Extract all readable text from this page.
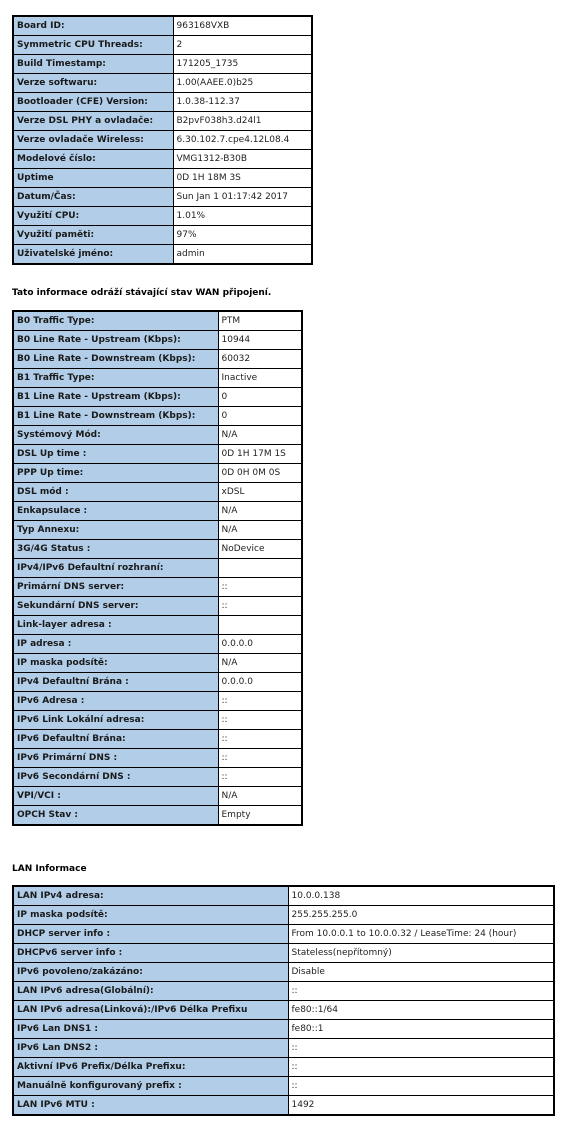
Board ID:	963168VXB
Symmetric CPU Threads:	2
Build Timestamp:	171205_1735
Verze softwaru:	1.00(AAEE.0)b25
Bootloader (CFE) Version:	1.0.38-112.37
Verze DSL PHY a ovladače:	B2pvF038h3.d24l1
Verze ovladače Wireless:	6.30.102.7.cpe4.12L08.4
Modelové číslo:	VMG1312-B30B
Uptime	0D 1H 18M 3S
Datum/Čas:	Sun Jan 1 01:17:42 2017
Využití CPU:	1.01%
Využití paměti:	97%
Uživatelské jméno:	admin
Tato informace odráží stávající stav WAN připojení.
B0 Traffic Type:	PTM
B0 Line Rate - Upstream (Kbps):	10944
B0 Line Rate - Downstream (Kbps):	60032
B1 Traffic Type:	Inactive
B1 Line Rate - Upstream (Kbps):	0
B1 Line Rate - Downstream (Kbps):	0
Systémový Mód:	N/A
DSL Up time :	0D 1H 17M 1S
PPP Up time:	0D 0H 0M 0S
DSL mód :	xDSL
Enkapsulace :	N/A
Typ Annexu:	N/A
3G/4G Status :	NoDevice
IPv4/IPv6 Defaultní rozhraní:	
Primární DNS server:	::
Sekundární DNS server:	::
Link-layer adresa :	
IP adresa :	0.0.0.0
IP maska podsítě:	N/A
IPv4 Defaultní Brána :	0.0.0.0
IPv6 Adresa :	::
IPv6 Link Lokální adresa:	::
IPv6 Defaultní Brána:	::
IPv6 Primární DNS :	::
IPv6 Secondární DNS :	::
VPI/VCI :	N/A
OPCH Stav :	Empty
LAN Informace
LAN IPv4 adresa:	10.0.0.138
IP maska podsítě:	255.255.255.0
DHCP server info :	From 10.0.0.1 to 10.0.0.32 / LeaseTime: 24 (hour)
DHCPv6 server info :	Stateless(nepřítomný)
IPv6 povoleno/zakázáno:	Disable
LAN IPv6 adresa(Globální):	::
LAN IPv6 adresa(Linková):/IPv6 Délka Prefixu	fe80::1/64
IPv6 Lan DNS1 :	fe80::1
IPv6 Lan DNS2 :	::
Aktivní IPv6 Prefix/Délka Prefixu:	::
Manuálně konfigurovaný prefix :	::
LAN IPv6 MTU :	1492
